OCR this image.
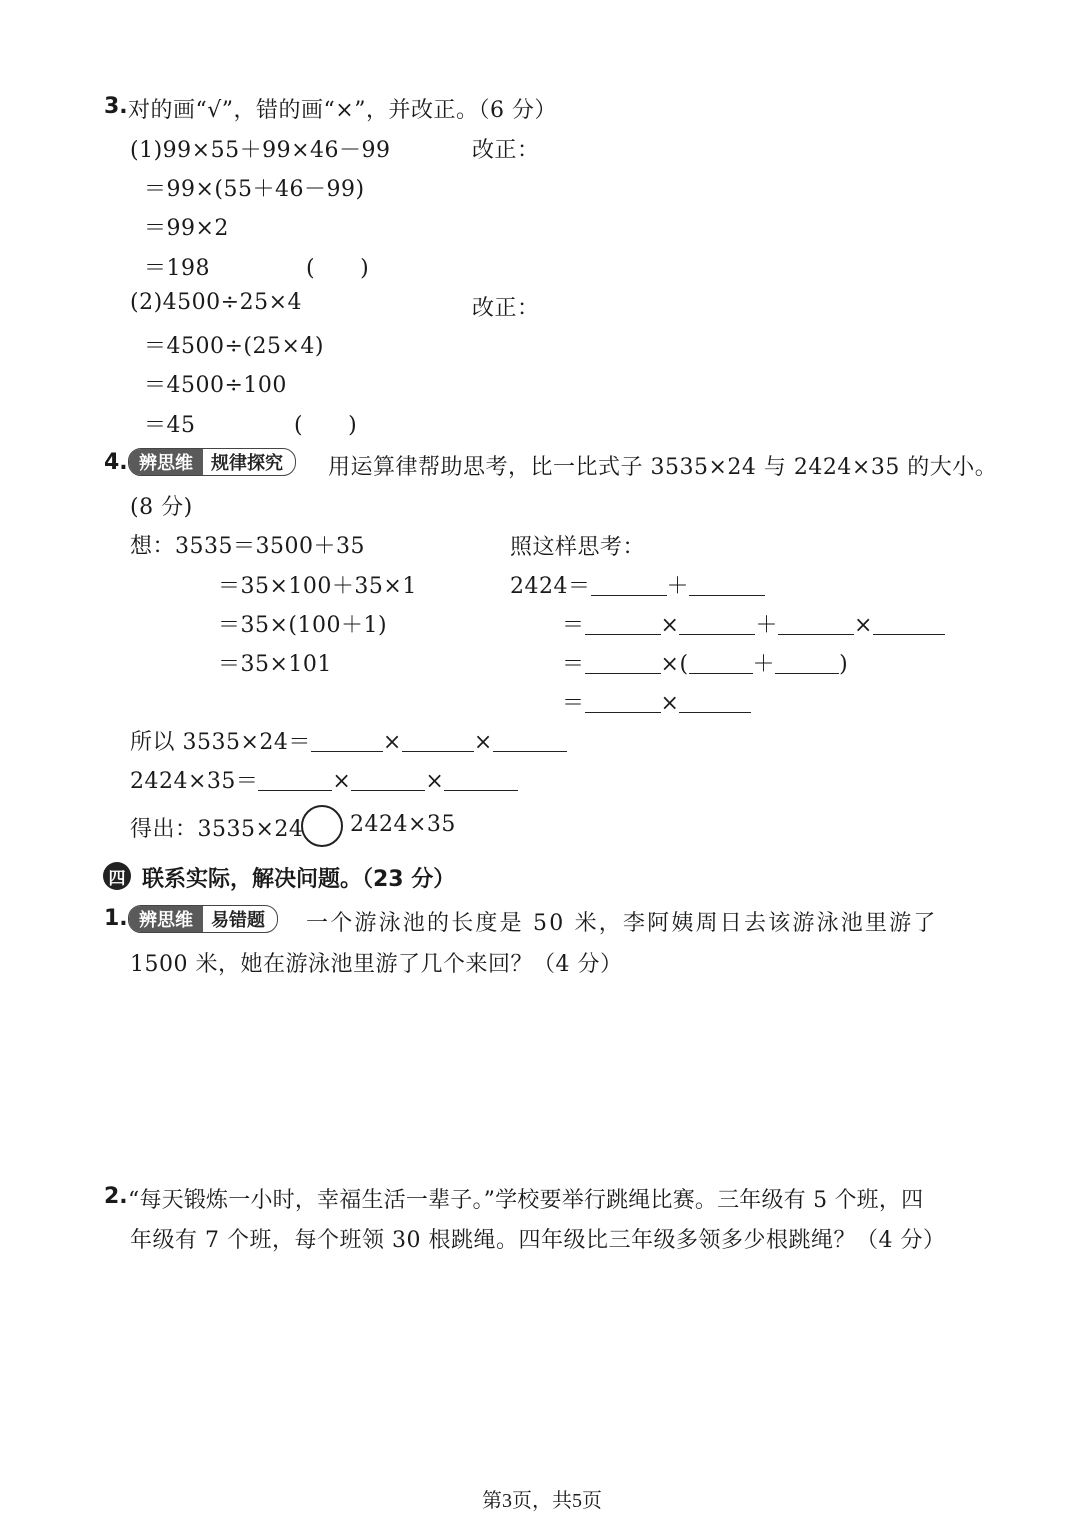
3. 对的画“√”，错的画“×”，并改正。（6 分）
(1)99×55＋99×46－99	改正：
＝99×(55＋46－99)
＝99×2
＝198	(　　)
(2)4500÷25×4	改正：
＝4500÷(25×4)
＝4500÷100
＝45	(　　)
4. 辨思维	规律探究	用运算律帮助思考，比一比式子 3535×24 与 2424×35 的大小。
(8 分)
想：3535＝3500＋35
＝35×100＋35×1
＝35×(100＋1)
＝35×101
照这样思考：
2424＝	＋
＝	×	＋	×
＝	×(	＋	)
＝	×
所以 3535×24＝	×	×
2424×35＝	×	×
得出：3535×24 2424×35
四 联系实际，解决问题。（23 分）
1. 辨思维	易错题	一个游泳池的长度是 50 米，李阿姨周日去该游泳池里游了
1500 米，她在游泳池里游了几个来回？（4 分）
2. “每天锻炼一小时，幸福生活一辈子。”学校要举行跳绳比赛。三年级有 5 个班，四
年级有 7 个班，每个班领 30 根跳绳。四年级比三年级多领多少根跳绳？（4 分）
第3页，共5页
